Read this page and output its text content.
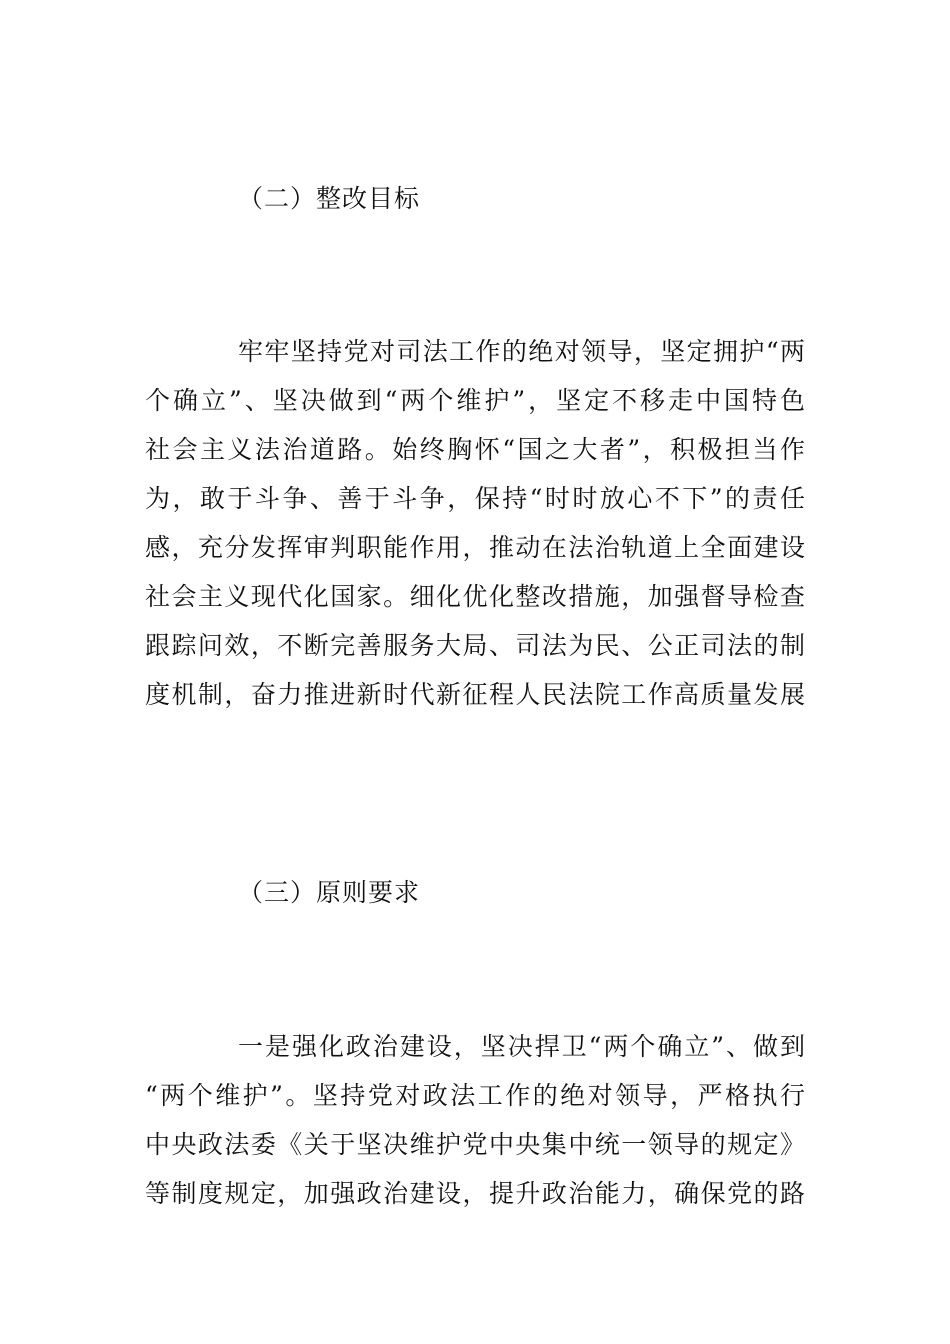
（二）整改目标
牢牢坚持党对司法工作的绝对领导，坚定拥护“两
个确立”、坚决做到“两个维护”，坚定不移走中国特色
社会主义法治道路。始终胸怀“国之大者”，积极担当作
为，敢于斗争、善于斗争，保持“时时放心不下”的责任
感，充分发挥审判职能作用，推动在法治轨道上全面建设
社会主义现代化国家。细化优化整改措施，加强督导检查
跟踪问效，不断完善服务大局、司法为民、公正司法的制
度机制，奋力推进新时代新征程人民法院工作高质量发展
（三）原则要求
一是强化政治建设，坚决捍卫“两个确立”、做到
“两个维护”。坚持党对政法工作的绝对领导，严格执行
中央政法委《关于坚决维护党中央集中统一领导的规定》
等制度规定，加强政治建设，提升政治能力，确保党的路
